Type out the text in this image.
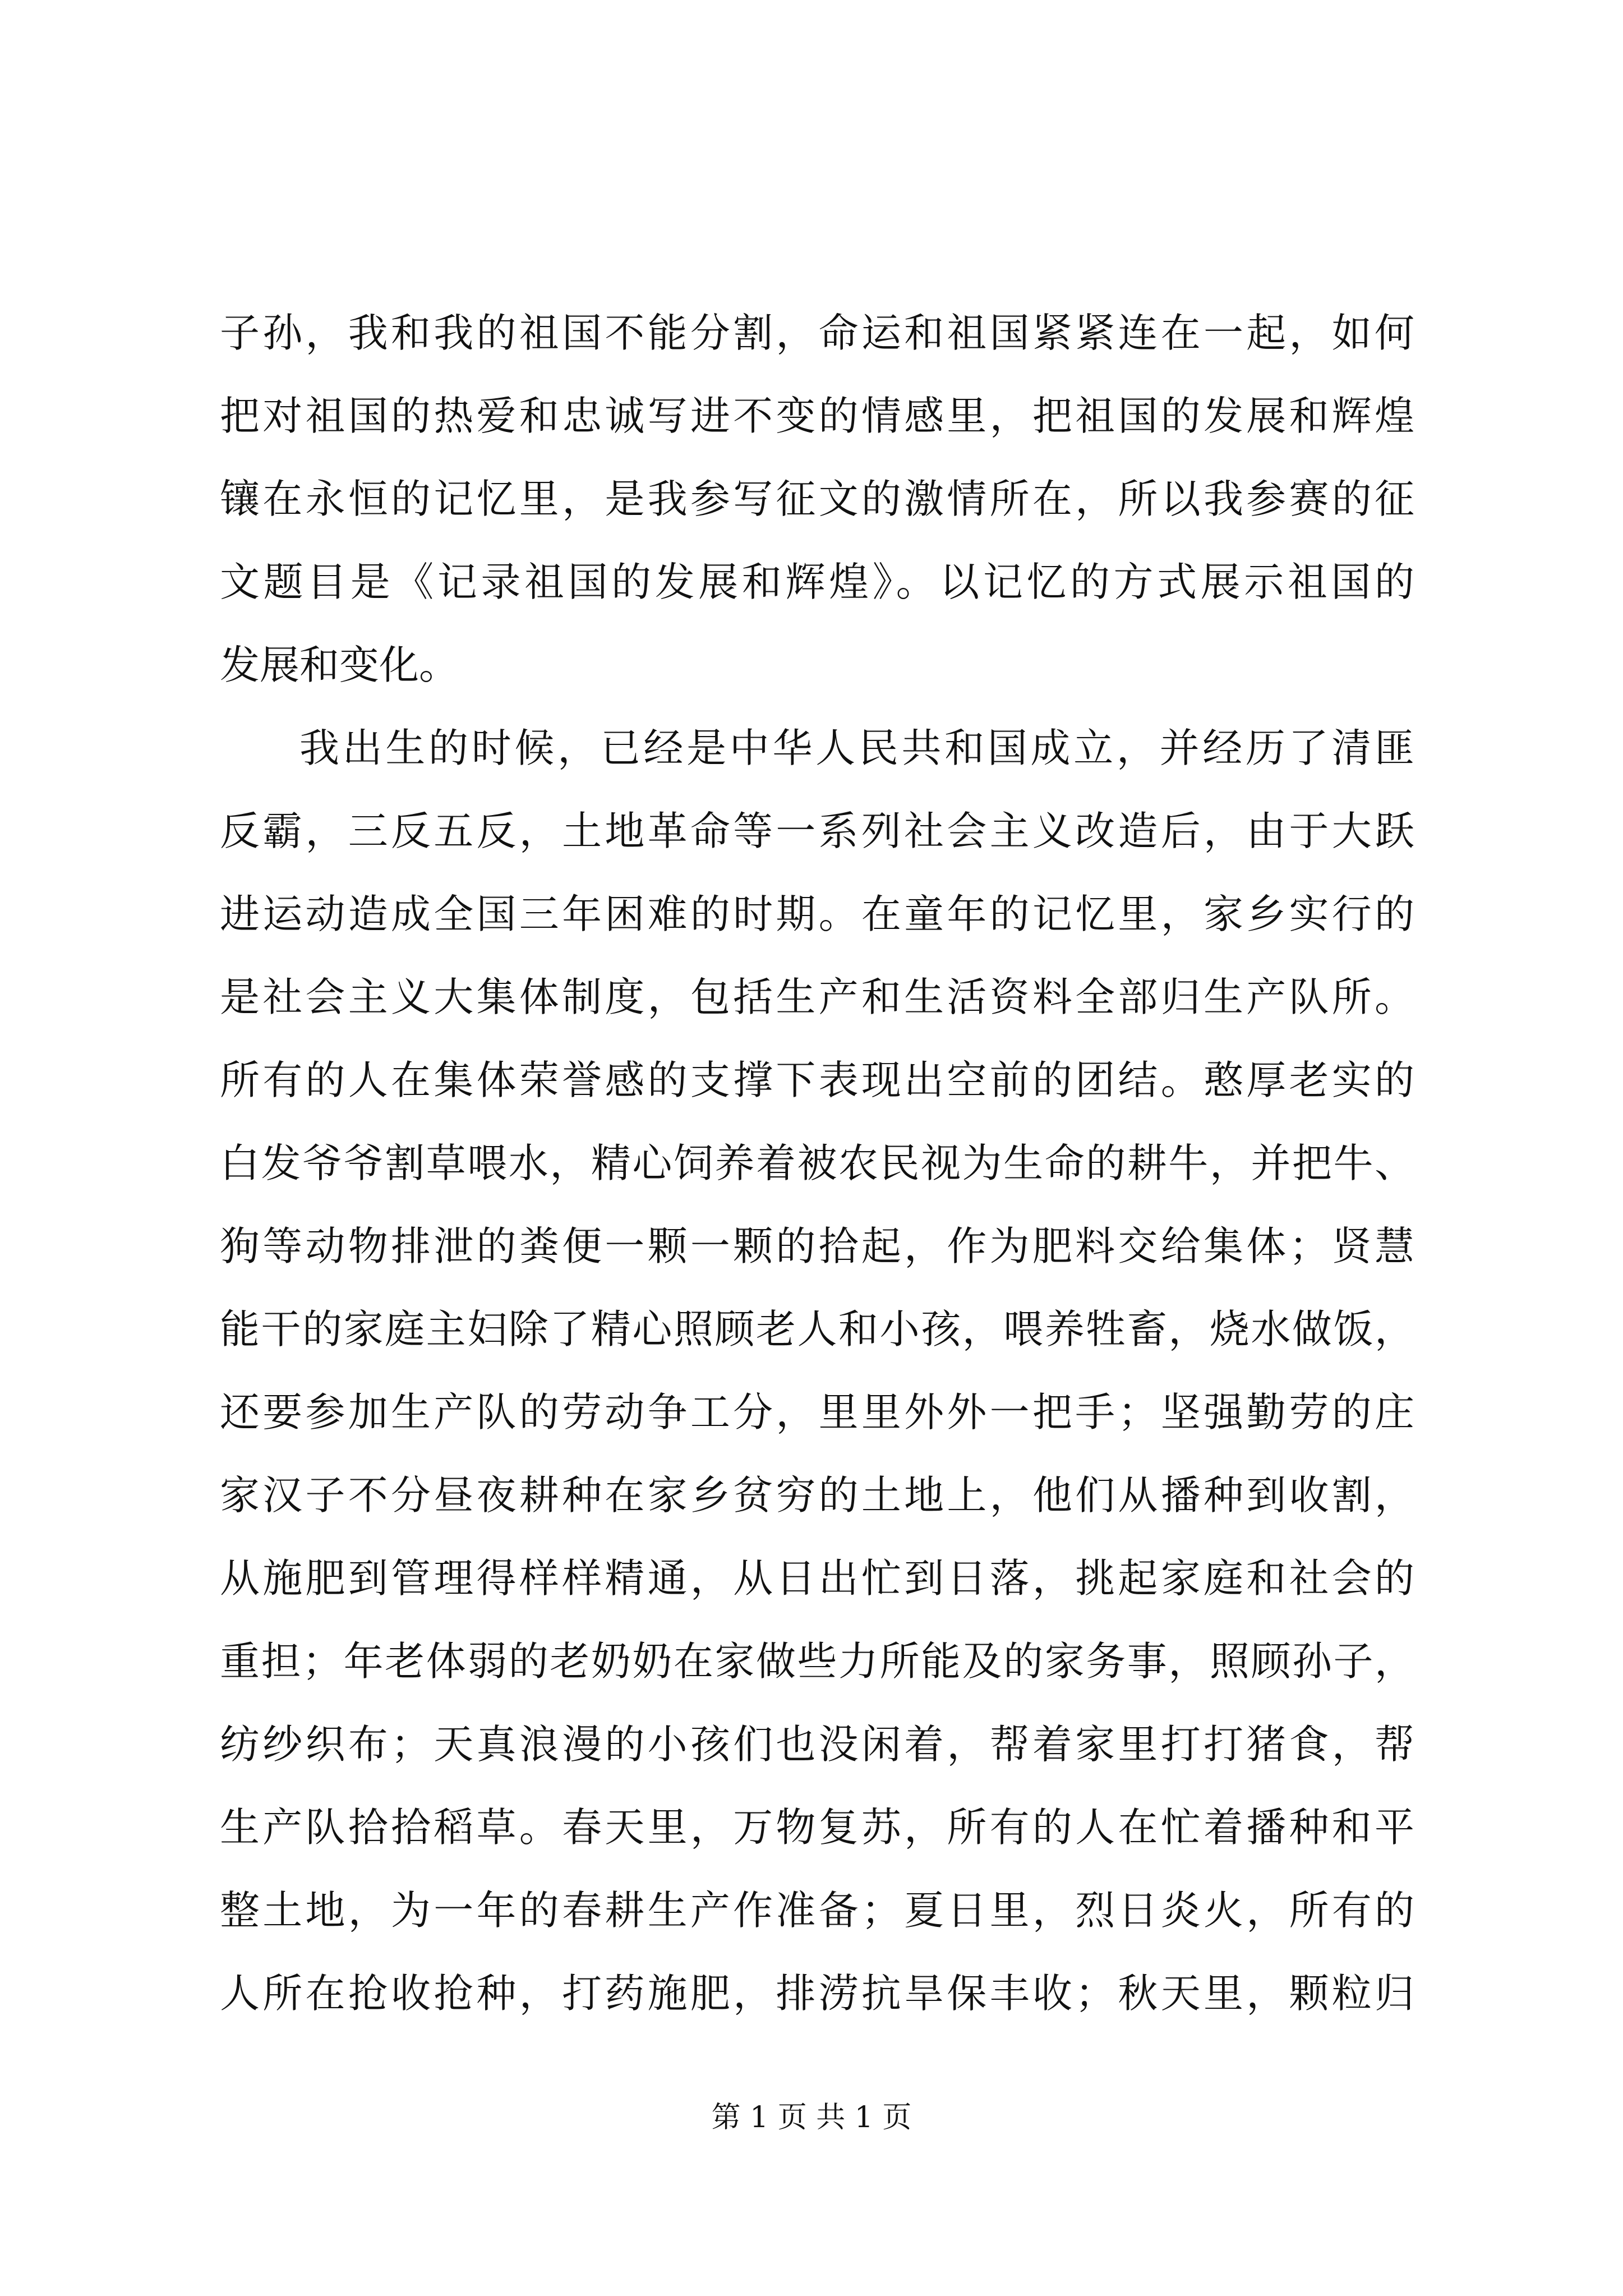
子孙，我和我的祖国不能分割，命运和祖国紧紧连在一起，如何
把对祖国的热爱和忠诚写进不变的情感里，把祖国的发展和辉煌
镶在永恒的记忆里，是我参写征文的激情所在，所以我参赛的征
文题目是《记录祖国的发展和辉煌》。以记忆的方式展示祖国的
发展和变化。
我出生的时候，已经是中华人民共和国成立，并经历了清匪
反霸，三反五反，土地革命等一系列社会主义改造后，由于大跃
进运动造成全国三年困难的时期。在童年的记忆里，家乡实行的
是社会主义大集体制度，包括生产和生活资料全部归生产队所。
所有的人在集体荣誉感的支撑下表现出空前的团结。憨厚老实的
白发爷爷割草喂水，精心饲养着被农民视为生命的耕牛，并把牛、
狗等动物排泄的粪便一颗一颗的拾起，作为肥料交给集体；贤慧
能干的家庭主妇除了精心照顾老人和小孩，喂养牲畜，烧水做饭，
还要参加生产队的劳动争工分，里里外外一把手；坚强勤劳的庄
家汉子不分昼夜耕种在家乡贫穷的土地上，他们从播种到收割，
从施肥到管理得样样精通，从日出忙到日落，挑起家庭和社会的
重担；年老体弱的老奶奶在家做些力所能及的家务事，照顾孙子，
纺纱织布；天真浪漫的小孩们也没闲着，帮着家里打打猪食，帮
生产队拾拾稻草。春天里，万物复苏，所有的人在忙着播种和平
整土地，为一年的春耕生产作准备；夏日里，烈日炎火，所有的
人所在抢收抢种，打药施肥，排涝抗旱保丰收；秋天里，颗粒归
第 1 页 共 1 页
